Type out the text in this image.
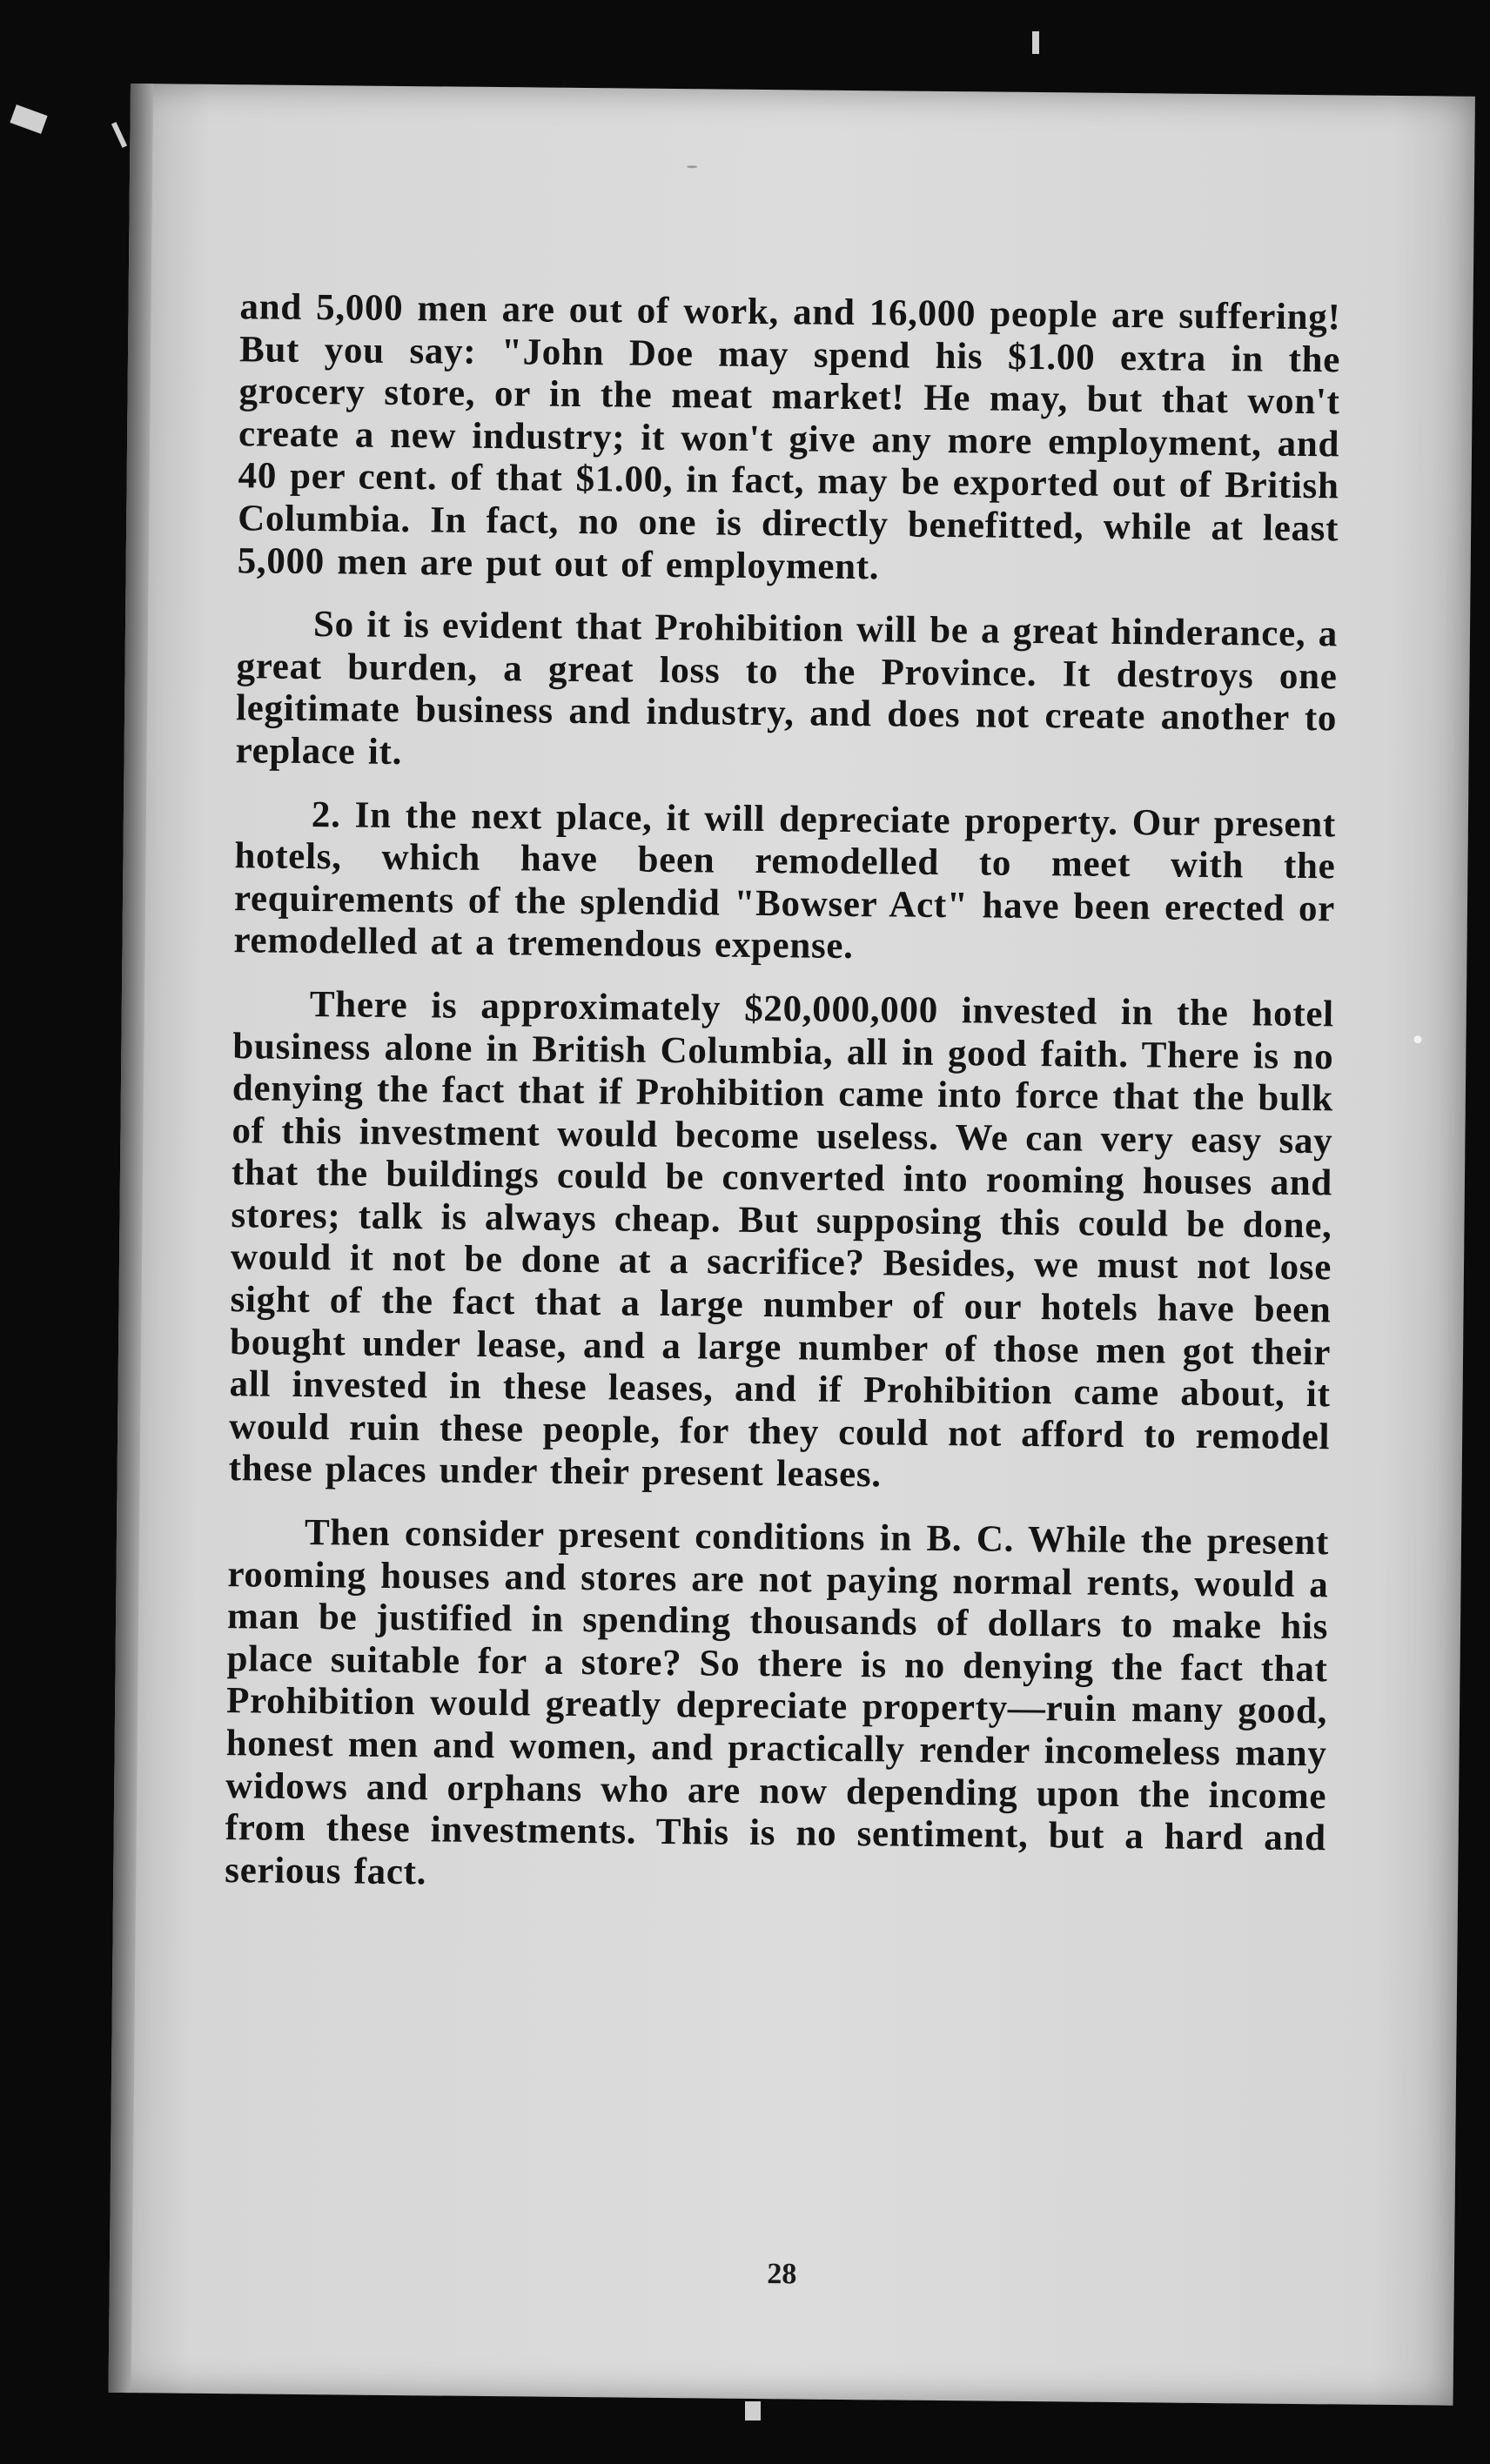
and 5,000 men are out of work, and 16,000 people are suffering! But you say: "John Doe may spend his $1.00 extra in the grocery store, or in the meat market! He may, but that won't create a new industry; it won't give any more employment, and 40 per cent. of that $1.00, in fact, may be exported out of British Columbia. In fact, no one is directly benefitted, while at least 5,000 men are put out of employment.

So it is evident that Prohibition will be a great hinderance, a great burden, a great loss to the Province. It destroys one legitimate business and industry, and does not create another to replace it.

2. In the next place, it will depreciate property. Our present hotels, which have been remodelled to meet with the requirements of the splendid "Bowser Act" have been erected or remodelled at a tremendous expense.

There is approximately $20,000,000 invested in the hotel business alone in British Columbia, all in good faith. There is no denying the fact that if Prohibition came into force that the bulk of this investment would become useless. We can very easy say that the buildings could be converted into rooming houses and stores; talk is always cheap. But supposing this could be done, would it not be done at a sacrifice? Besides, we must not lose sight of the fact that a large number of our hotels have been bought under lease, and a large number of those men got their all invested in these leases, and if Prohibition came about, it would ruin these people, for they could not afford to remodel these places under their present leases.

Then consider present conditions in B. C. While the present rooming houses and stores are not paying normal rents, would a man be justified in spending thousands of dollars to make his place suitable for a store? So there is no denying the fact that Prohibition would greatly depreciate property—ruin many good, honest men and women, and practically render incomeless many widows and orphans who are now depending upon the income from these investments. This is no sentiment, but a hard and serious fact.

28
